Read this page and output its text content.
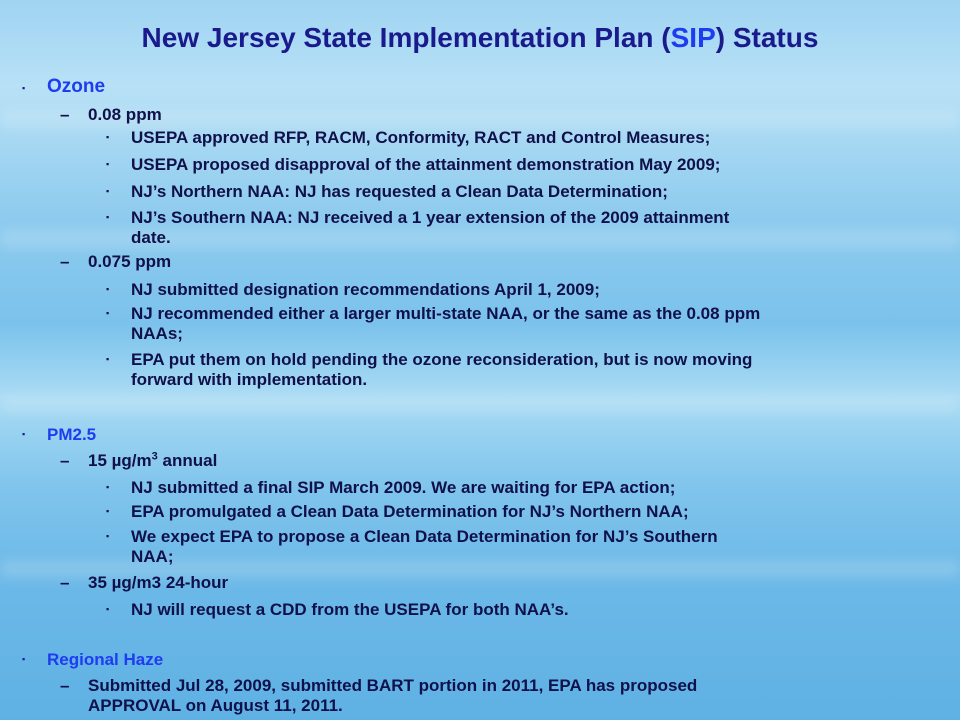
New Jersey State Implementation Plan (SIP) Status
▪ Ozone
– 0.08 ppm
▪ USEPA approved RFP, RACM, Conformity, RACT and Control Measures;
▪ USEPA proposed disapproval of the attainment demonstration May 2009;
▪ NJ’s Northern NAA: NJ has requested a Clean Data Determination;
▪ NJ’s Southern NAA: NJ received a 1 year extension of the 2009 attainment
date.
– 0.075 ppm
▪ NJ submitted designation recommendations April 1, 2009;
▪ NJ recommended either a larger multi-state NAA, or the same as the 0.08 ppm
NAAs;
▪ EPA put them on hold pending the ozone reconsideration, but is now moving
forward with implementation.
▪ PM2.5
– 15 $\mu g/m^3$ annual
▪ NJ submitted a final SIP March 2009. We are waiting for EPA action;
▪ EPA promulgated a Clean Data Determination for NJ’s Northern NAA;
▪ We expect EPA to propose a Clean Data Determination for NJ’s Southern
NAA;
– 35 µg/m3 24-hour
▪ NJ will request a CDD from the USEPA for both NAA’s.
▪ Regional Haze
– Submitted Jul 28, 2009, submitted BART portion in 2011, EPA has proposed
APPROVAL on August 11, 2011.
